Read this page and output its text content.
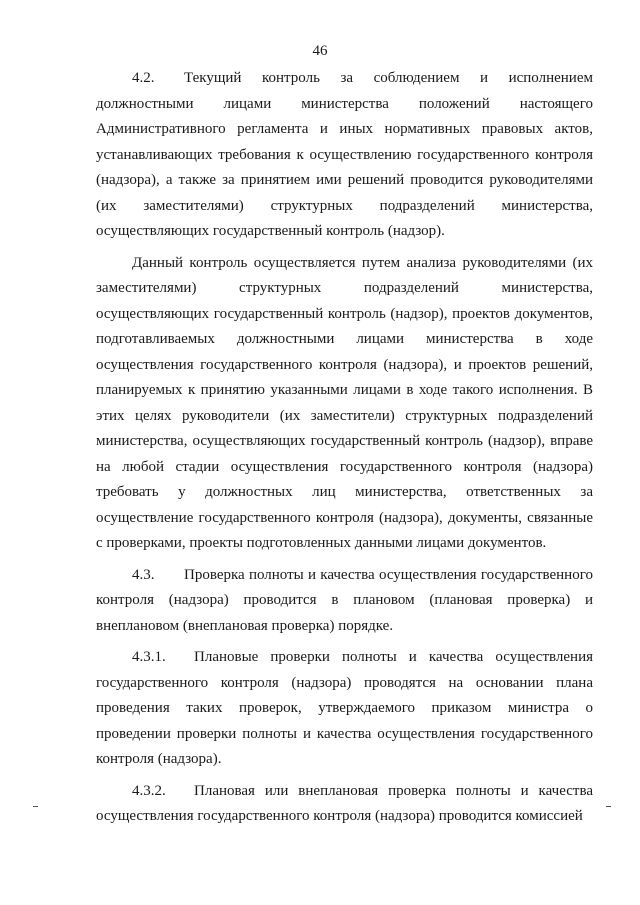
46

4.2. Текущий контроль за соблюдением и исполнением должностными лицами министерства положений настоящего Административного регламента и иных нормативных правовых актов, устанавливающих требования к осуществлению государственного контроля (надзора), а также за принятием ими решений проводится руководителями (их заместителями) структурных подразделений министерства, осуществляющих государственный контроль (надзор).

Данный контроль осуществляется путем анализа руководителями (их заместителями) структурных подразделений министерства, осуществляющих государственный контроль (надзор), проектов документов, подготавливаемых должностными лицами министерства в ходе осуществления государственного контроля (надзора), и проектов решений, планируемых к принятию указанными лицами в ходе такого исполнения. В этих целях руководители (их заместители) структурных подразделений министерства, осуществляющих государственный контроль (надзор), вправе на любой стадии осуществления государственного контроля (надзора) требовать у должностных лиц министерства, ответственных за осуществление государственного контроля (надзора), документы, связанные с проверками, проекты подготовленных данными лицами документов.

4.3. Проверка полноты и качества осуществления государственного контроля (надзора) проводится в плановом (плановая проверка) и внеплановом (внеплановая проверка) порядке.

4.3.1. Плановые проверки полноты и качества осуществления государственного контроля (надзора) проводятся на основании плана проведения таких проверок, утверждаемого приказом министра о проведении проверки полноты и качества осуществления государственного контроля (надзора).

4.3.2. Плановая или внеплановая проверка полноты и качества осуществления государственного контроля (надзора) проводится комиссией
